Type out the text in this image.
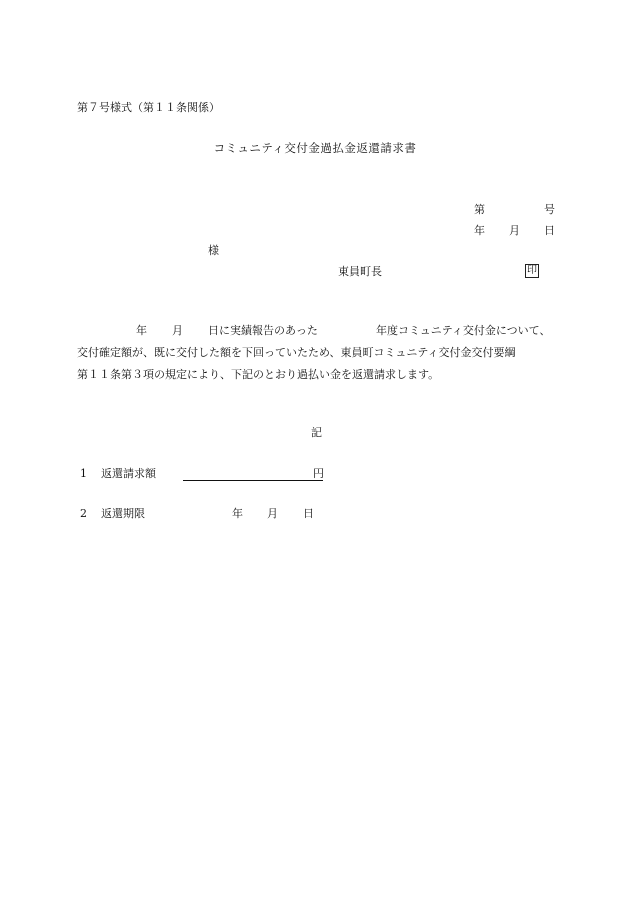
第７号様式（第１１条関係）
コミュニティ交付金過払金返還請求書
第	号
年 月 日
様
東員町長	印
年 月 日に実績報告のあった	年度コミュニティ交付金について、
交付確定額が、既に交付した額を下回っていたため、東員町コミュニティ交付金交付要綱
第１１条第３項の規定により、下記のとおり過払い金を返還請求します。
記
1 返還請求額	円
2 返還期限	年 月 日
